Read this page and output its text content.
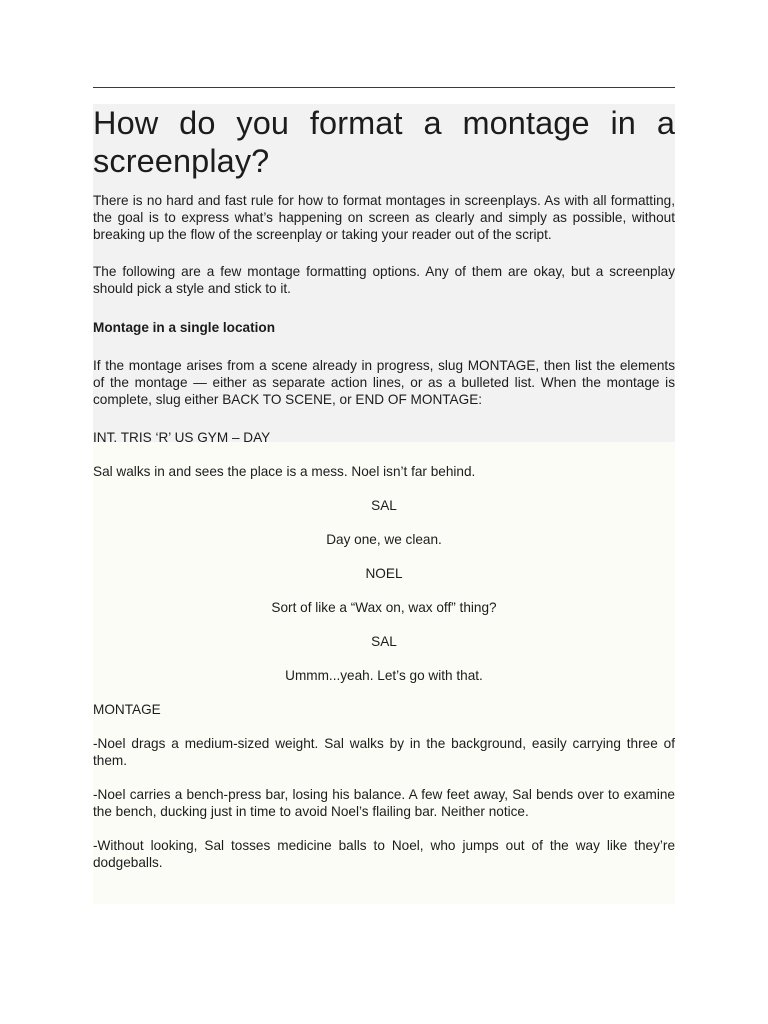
How do you format a montage in a screenplay?

There is no hard and fast rule for how to format montages in screenplays. As with all formatting, the goal is to express what’s happening on screen as clearly and simply as possible, without breaking up the flow of the screenplay or taking your reader out of the script.

The following are a few montage formatting options. Any of them are okay, but a screenplay should pick a style and stick to it.

Montage in a single location

If the montage arises from a scene already in progress, slug MONTAGE, then list the elements of the montage — either as separate action lines, or as a bulleted list. When the montage is complete, slug either BACK TO SCENE, or END OF MONTAGE:

INT. TRIS ‘R’ US GYM – DAY

Sal walks in and sees the place is a mess. Noel isn’t far behind.

SAL

Day one, we clean.

NOEL

Sort of like a “Wax on, wax off” thing?

SAL

Ummm...yeah. Let’s go with that.

MONTAGE

-Noel drags a medium-sized weight. Sal walks by in the background, easily carrying three of them.

-Noel carries a bench-press bar, losing his balance. A few feet away, Sal bends over to examine the bench, ducking just in time to avoid Noel’s flailing bar. Neither notice.

-Without looking, Sal tosses medicine balls to Noel, who jumps out of the way like they’re dodgeballs.
